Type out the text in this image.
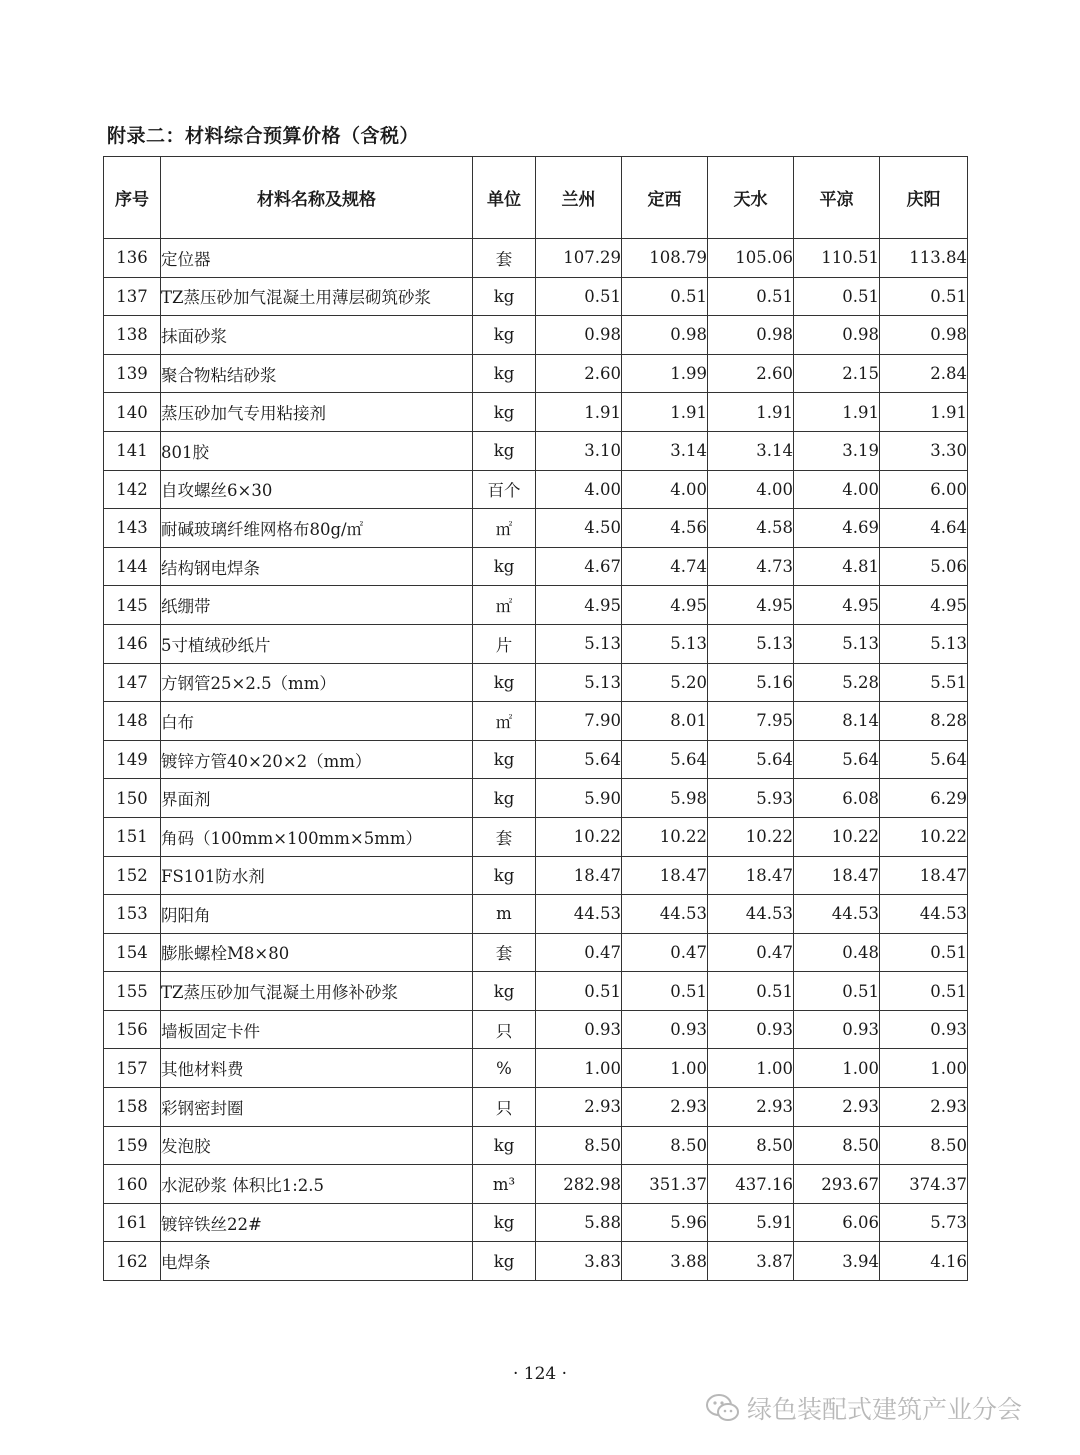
附录二：材料综合预算价格（含税）
序号	材料名称及规格	单位	兰州	定西	天水	平凉	庆阳
136	定位器	套	107.29	108.79	105.06	110.51	113.84
137	TZ蒸压砂加气混凝土用薄层砌筑砂浆	kg	0.51	0.51	0.51	0.51	0.51
138	抹面砂浆	kg	0.98	0.98	0.98	0.98	0.98
139	聚合物粘结砂浆	kg	2.60	1.99	2.60	2.15	2.84
140	蒸压砂加气专用粘接剂	kg	1.91	1.91	1.91	1.91	1.91
141	801胶	kg	3.10	3.14	3.14	3.19	3.30
142	自攻螺丝6×30	百个	4.00	4.00	4.00	4.00	6.00
143	耐碱玻璃纤维网格布80g/㎡	㎡	4.50	4.56	4.58	4.69	4.64
144	结构钢电焊条	kg	4.67	4.74	4.73	4.81	5.06
145	纸绷带	㎡	4.95	4.95	4.95	4.95	4.95
146	5寸植绒砂纸片	片	5.13	5.13	5.13	5.13	5.13
147	方钢管25×2.5（mm）	kg	5.13	5.20	5.16	5.28	5.51
148	白布	㎡	7.90	8.01	7.95	8.14	8.28
149	镀锌方管40×20×2（mm）	kg	5.64	5.64	5.64	5.64	5.64
150	界面剂	kg	5.90	5.98	5.93	6.08	6.29
151	角码（100mm×100mm×5mm）	套	10.22	10.22	10.22	10.22	10.22
152	FS101防水剂	kg	18.47	18.47	18.47	18.47	18.47
153	阴阳角	m	44.53	44.53	44.53	44.53	44.53
154	膨胀螺栓M8×80	套	0.47	0.47	0.47	0.48	0.51
155	TZ蒸压砂加气混凝土用修补砂浆	kg	0.51	0.51	0.51	0.51	0.51
156	墙板固定卡件	只	0.93	0.93	0.93	0.93	0.93
157	其他材料费	%	1.00	1.00	1.00	1.00	1.00
158	彩钢密封圈	只	2.93	2.93	2.93	2.93	2.93
159	发泡胶	kg	8.50	8.50	8.50	8.50	8.50
160	水泥砂浆 体积比1:2.5	m³	282.98	351.37	437.16	293.67	374.37
161	镀锌铁丝22#	kg	5.88	5.96	5.91	6.06	5.73
162	电焊条	kg	3.83	3.88	3.87	3.94	4.16
· 124 ·
绿色装配式建筑产业分会
